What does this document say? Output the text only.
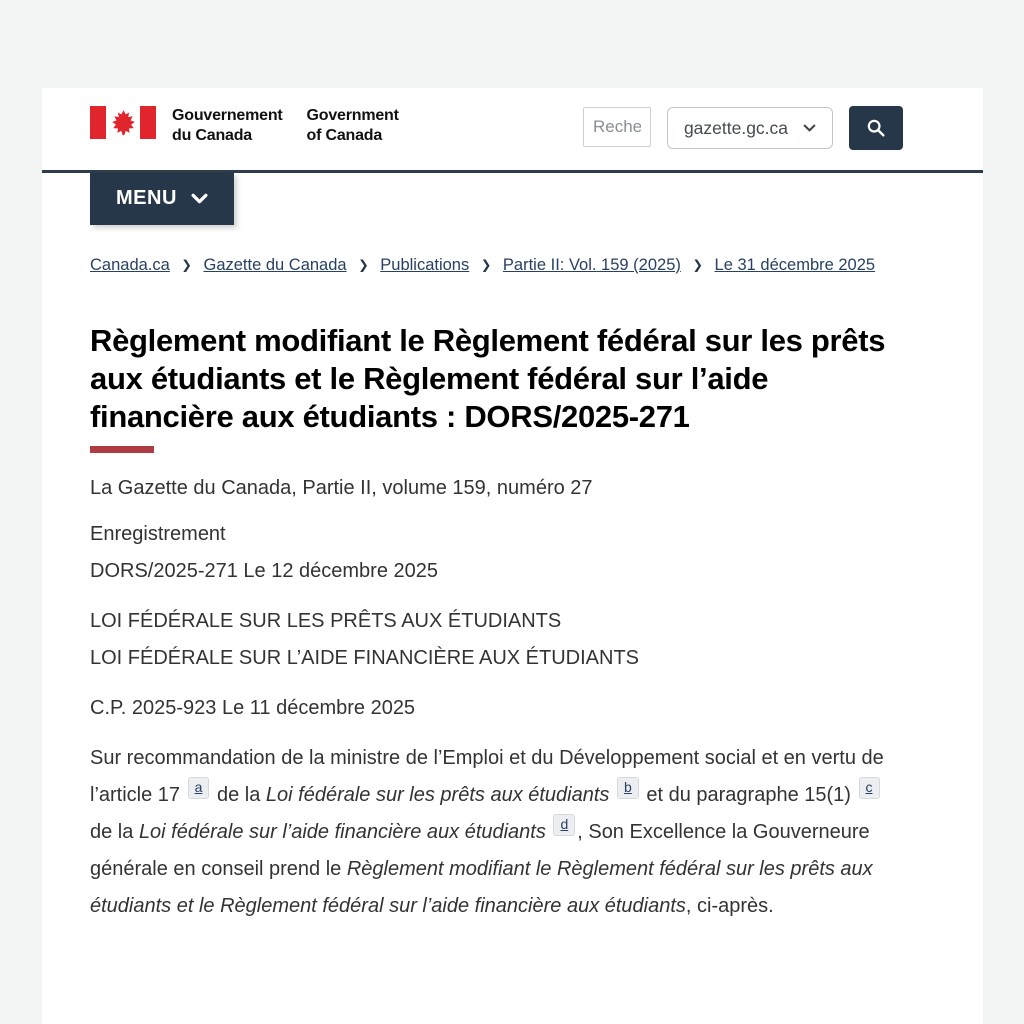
Gouvernement
du Canada
Government
of Canada
Recherche	gazette.gc.ca
MENU
Canada.ca ❯ Gazette du Canada ❯ Publications ❯ Partie II: Vol. 159 (2025) ❯ Le 31 décembre 2025
Règlement modifiant le Règlement fédéral sur les prêts aux étudiants et le Règlement fédéral sur l’aide financière aux étudiants : DORS/2025-271

La Gazette du Canada, Partie II, volume 159, numéro 27

Enregistrement
DORS/2025-271 Le 12 décembre 2025

LOI FÉDÉRALE SUR LES PRÊTS AUX ÉTUDIANTS
LOI FÉDÉRALE SUR L’AIDE FINANCIÈRE AUX ÉTUDIANTS

C.P. 2025-923 Le 11 décembre 2025

Sur recommandation de la ministre de l’Emploi et du Développement social et en vertu de l’article 17 $^a$ de la Loi fédérale sur les prêts aux étudiants $^b$ et du paragraphe 15(1) $^c$ de la Loi fédérale sur l’aide financière aux étudiants $^d$ , Son Excellence la Gouverneure générale en conseil prend le Règlement modifiant le Règlement fédéral sur les prêts aux étudiants et le Règlement fédéral sur l’aide financière aux étudiants, ci-après.
